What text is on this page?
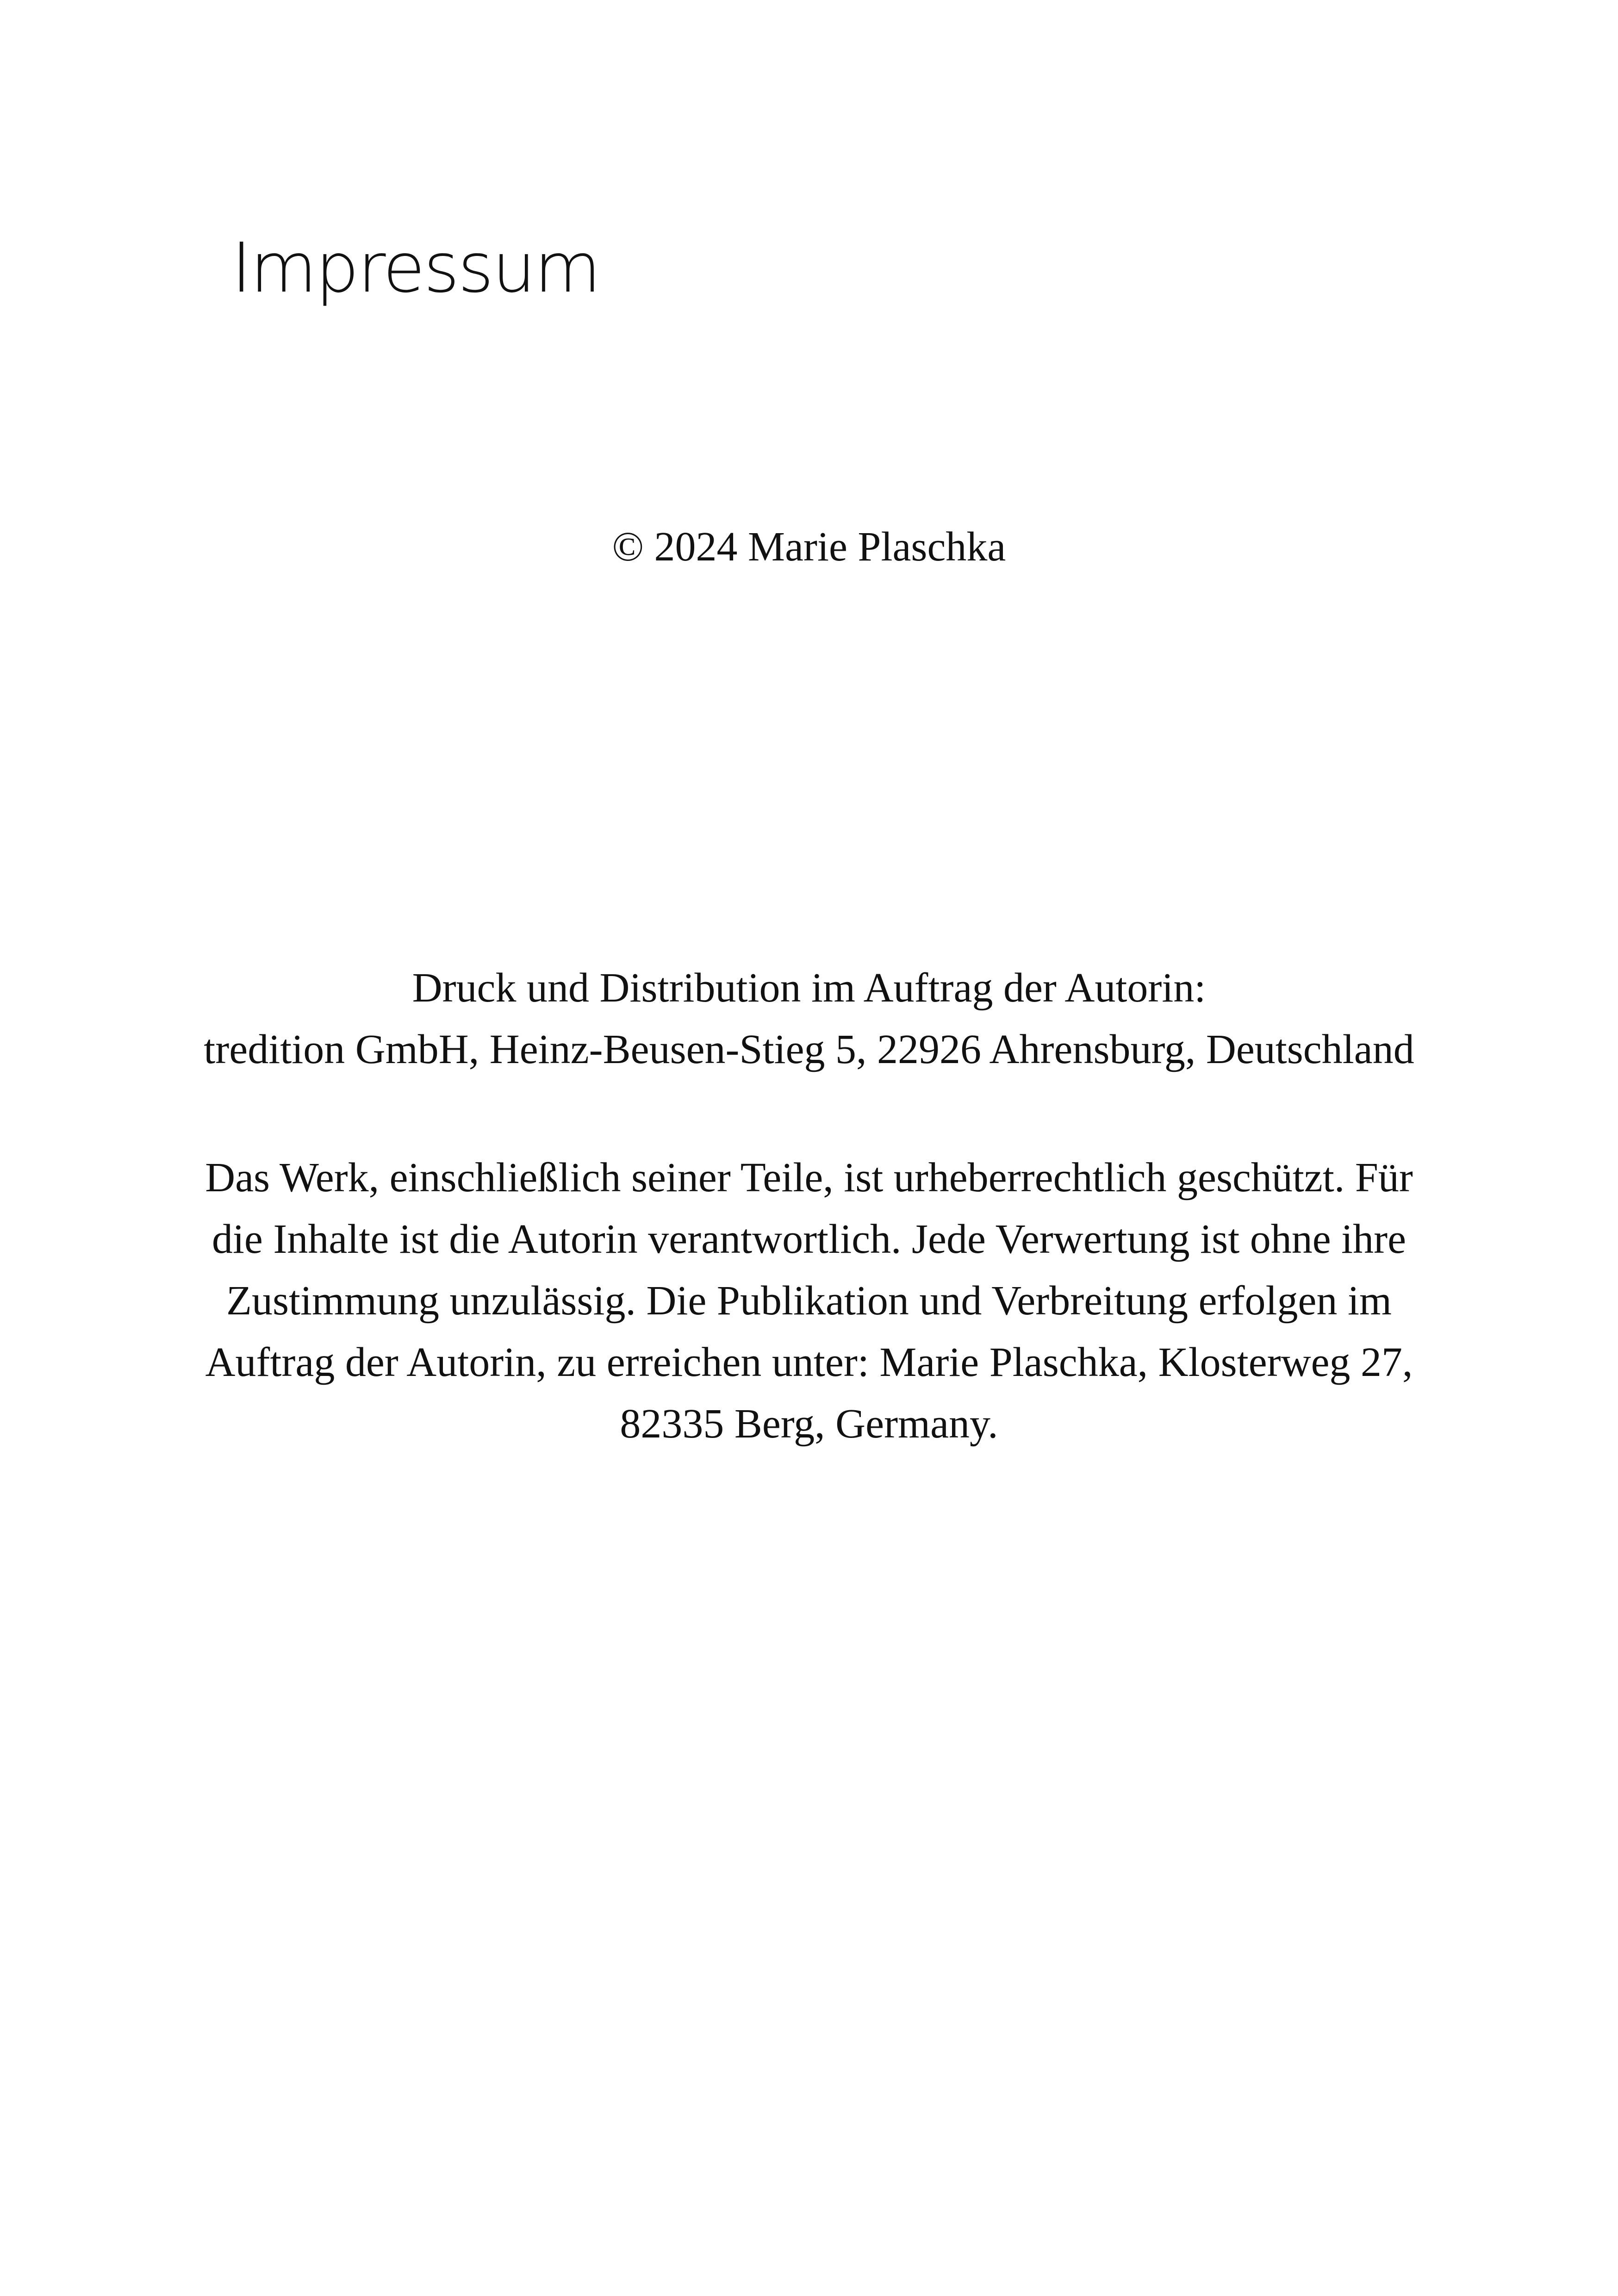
Impressum

© 2024 Marie Plaschka

Druck und Distribution im Auftrag der Autorin:
tredition GmbH, Heinz-Beusen-Stieg 5, 22926 Ahrensburg, Deutschland

Das Werk, einschließlich seiner Teile, ist urheberrechtlich geschützt. Für
die Inhalte ist die Autorin verantwortlich. Jede Verwertung ist ohne ihre
Zustimmung unzulässig. Die Publikation und Verbreitung erfolgen im
Auftrag der Autorin, zu erreichen unter: Marie Plaschka, Klosterweg 27,
82335 Berg, Germany.
